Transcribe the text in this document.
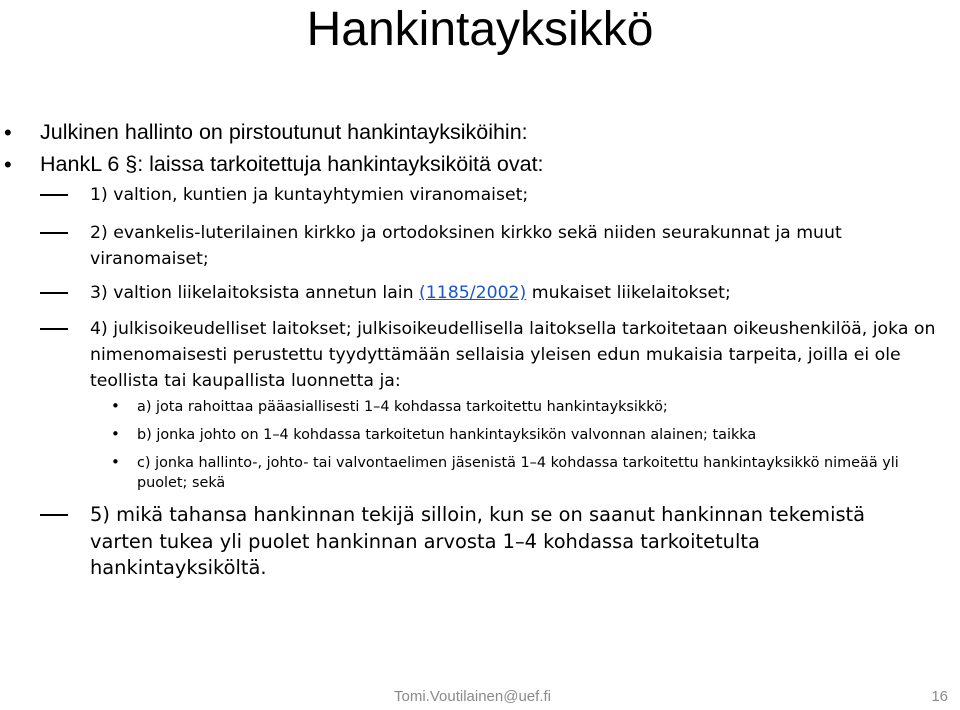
Hankintayksikkö
• Julkinen hallinto on pirstoutunut hankintayksiköihin:
• HankL 6 §: laissa tarkoitettuja hankintayksiköitä ovat:
1) valtion, kuntien ja kuntayhtymien viranomaiset;
2) evankelis-luterilainen kirkko ja ortodoksinen kirkko sekä niiden seurakunnat ja muut viranomaiset;
3) valtion liikelaitoksista annetun lain (1185/2002) mukaiset liikelaitokset;
4) julkisoikeudelliset laitokset; julkisoikeudellisella laitoksella tarkoitetaan oikeushenkilöä, joka on nimenomaisesti perustettu tyydyttämään sellaisia yleisen edun mukaisia tarpeita, joilla ei ole teollista tai kaupallista luonnetta ja:
• a) jota rahoittaa pääasiallisesti 1–4 kohdassa tarkoitettu hankintayksikkö;
• b) jonka johto on 1–4 kohdassa tarkoitetun hankintayksikön valvonnan alainen; taikka
• c) jonka hallinto-, johto- tai valvontaelimen jäsenistä 1–4 kohdassa tarkoitettu hankintayksikkö nimeää yli puolet; sekä
5) mikä tahansa hankinnan tekijä silloin, kun se on saanut hankinnan tekemistä varten tukea yli puolet hankinnan arvosta 1–4 kohdassa tarkoitetulta hankintayksiköltä.
Tomi.Voutilainen@uef.fi	16
